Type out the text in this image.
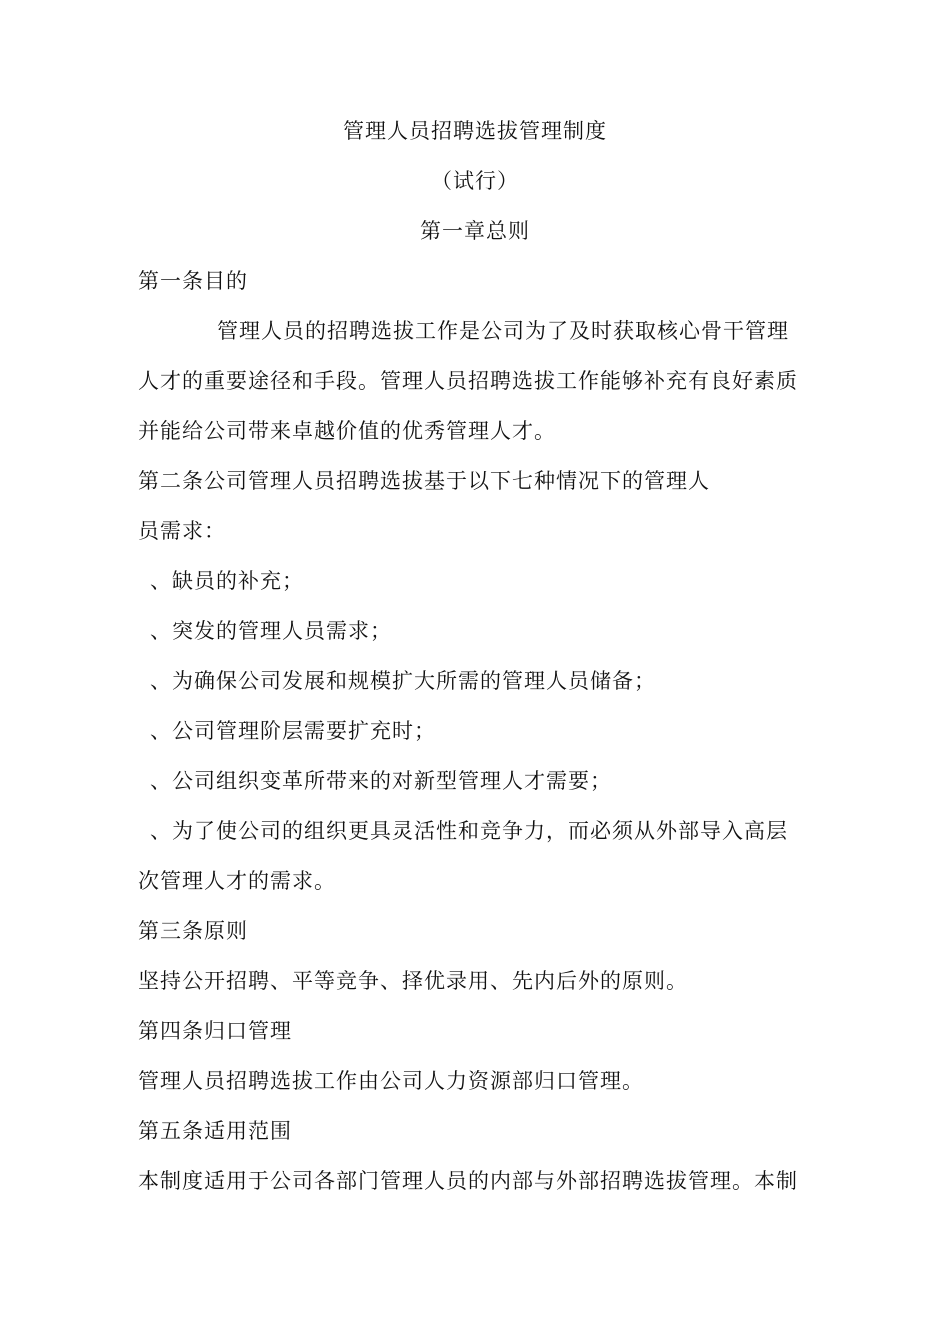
管理人员招聘选拔管理制度
（试行）
第一章总则
第一条目的
管理人员的招聘选拔工作是公司为了及时获取核心骨干管理
人才的重要途径和手段。管理人员招聘选拔工作能够补充有良好素质
并能给公司带来卓越价值的优秀管理人才。
第二条公司管理人员招聘选拔基于以下七种情况下的管理人
员需求：
、缺员的补充；
、突发的管理人员需求；
、为确保公司发展和规模扩大所需的管理人员储备；
、公司管理阶层需要扩充时；
、公司组织变革所带来的对新型管理人才需要；
、为了使公司的组织更具灵活性和竞争力，而必须从外部导入高层
次管理人才的需求。
第三条原则
坚持公开招聘、平等竞争、择优录用、先内后外的原则。
第四条归口管理
管理人员招聘选拔工作由公司人力资源部归口管理。
第五条适用范围
本制度适用于公司各部门管理人员的内部与外部招聘选拔管理。本制
